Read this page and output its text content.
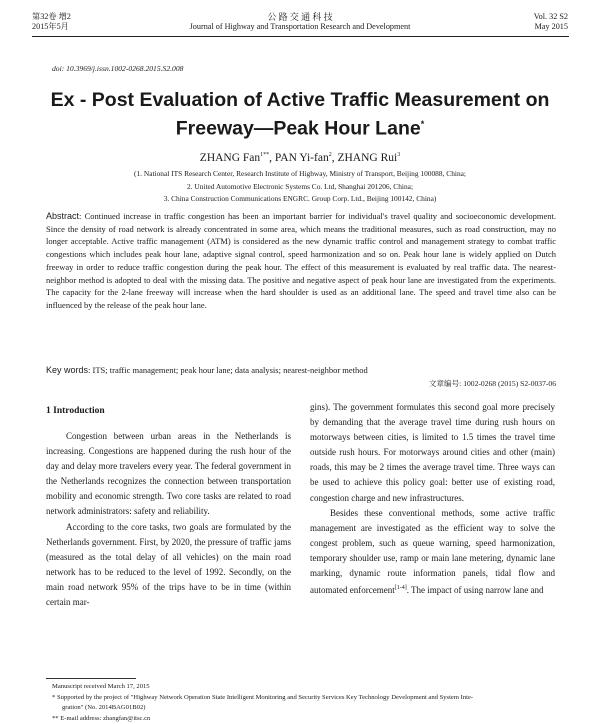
第32卷 增2
2015年5月
公 路 交 通 科 技
Journal of Highway and Transportation Research and Development
Vol. 32 S2
May 2015
doi: 10.3969/j.issn.1002-0268.2015.S2.008
Ex - Post Evaluation of Active Traffic Measurement on
Freeway—Peak Hour Lane*
ZHANG Fan$^{1**}$, PAN Yi-fan$^2$, ZHANG Rui$^3$
(1. National ITS Research Center, Research Institute of Highway, Ministry of Transport, Beijing 100088, China;
2. United Automotive Electronic Systems Co. Ltd, Shanghai 201206, China;
3. China Construction Communications ENGRC. Group Corp. Ltd., Beijing 100142, China)
Abstract: Continued increase in traffic congestion has been an important barrier for individual's travel quality and socioeconomic development. Since the density of road network is already concentrated in some area, which means the traditional measures, such as road construction, may no longer acceptable. Active traffic management (ATM) is considered as the new dynamic traffic control and management strategy to combat traffic congestions which includes peak hour lane, adaptive signal control, speed harmonization and so on. Peak hour lane is widely applied on Dutch freeway in order to reduce traffic congestion during the peak hour. The effect of this measurement is evaluated by real traffic data. The nearest-neighbor method is adopted to deal with the missing data. The positive and negative aspect of peak hour lane are investigated from the experiments. The capacity for the 2-lane freeway will increase when the hard shoulder is used as an additional lane. The speed and travel time also can be influenced by the release of the peak hour lane.
Key words: ITS; traffic management; peak hour lane; data analysis; nearest-neighbor method
文章编号: 1002-0268 (2015) S2-0037-06
1 Introduction

Congestion between urban areas in the Netherlands is increasing. Congestions are happened during the rush hour of the day and delay more travelers every year. The federal government in the Netherlands recognizes the connection between transportation mobility and economic strength. Two core tasks are related to road network administrators: safety and reliability.

According to the core tasks, two goals are formulated by the Netherlands government. First, by 2020, the pressure of traffic jams (measured as the total delay of all vehicles) on the main road network has to be reduced to the level of 1992. Secondly, on the main road network 95% of the trips have to be in time (within certain mar-

gins). The government formulates this second goal more precisely by demanding that the average travel time during rush hours on motorways between cities, is limited to 1.5 times the travel time outside rush hours. For motorways around cities and other (main) roads, this may be 2 times the average travel time. Three ways can be used to achieve this policy goal: better use of existing road, congestion charge and new infrastructures.

Besides these conventional methods, some active traffic management are investigated as the efficient way to solve the congest problem, such as queue warning, speed harmonization, temporary shoulder use, ramp or main lane metering, dynamic lane marking, dynamic route information panels, tidal flow and automated enforcement[1-4]. The impact of using narrow lane and

Manuscript received March 17, 2015
* Supported by the project of "Highway Network Operation State Intelligent Monitoring and Security Services Key Technology Development and System Inte-
gration" (No. 2014BAG01B02)
** E-mail address: zhangfan@itsc.cn
